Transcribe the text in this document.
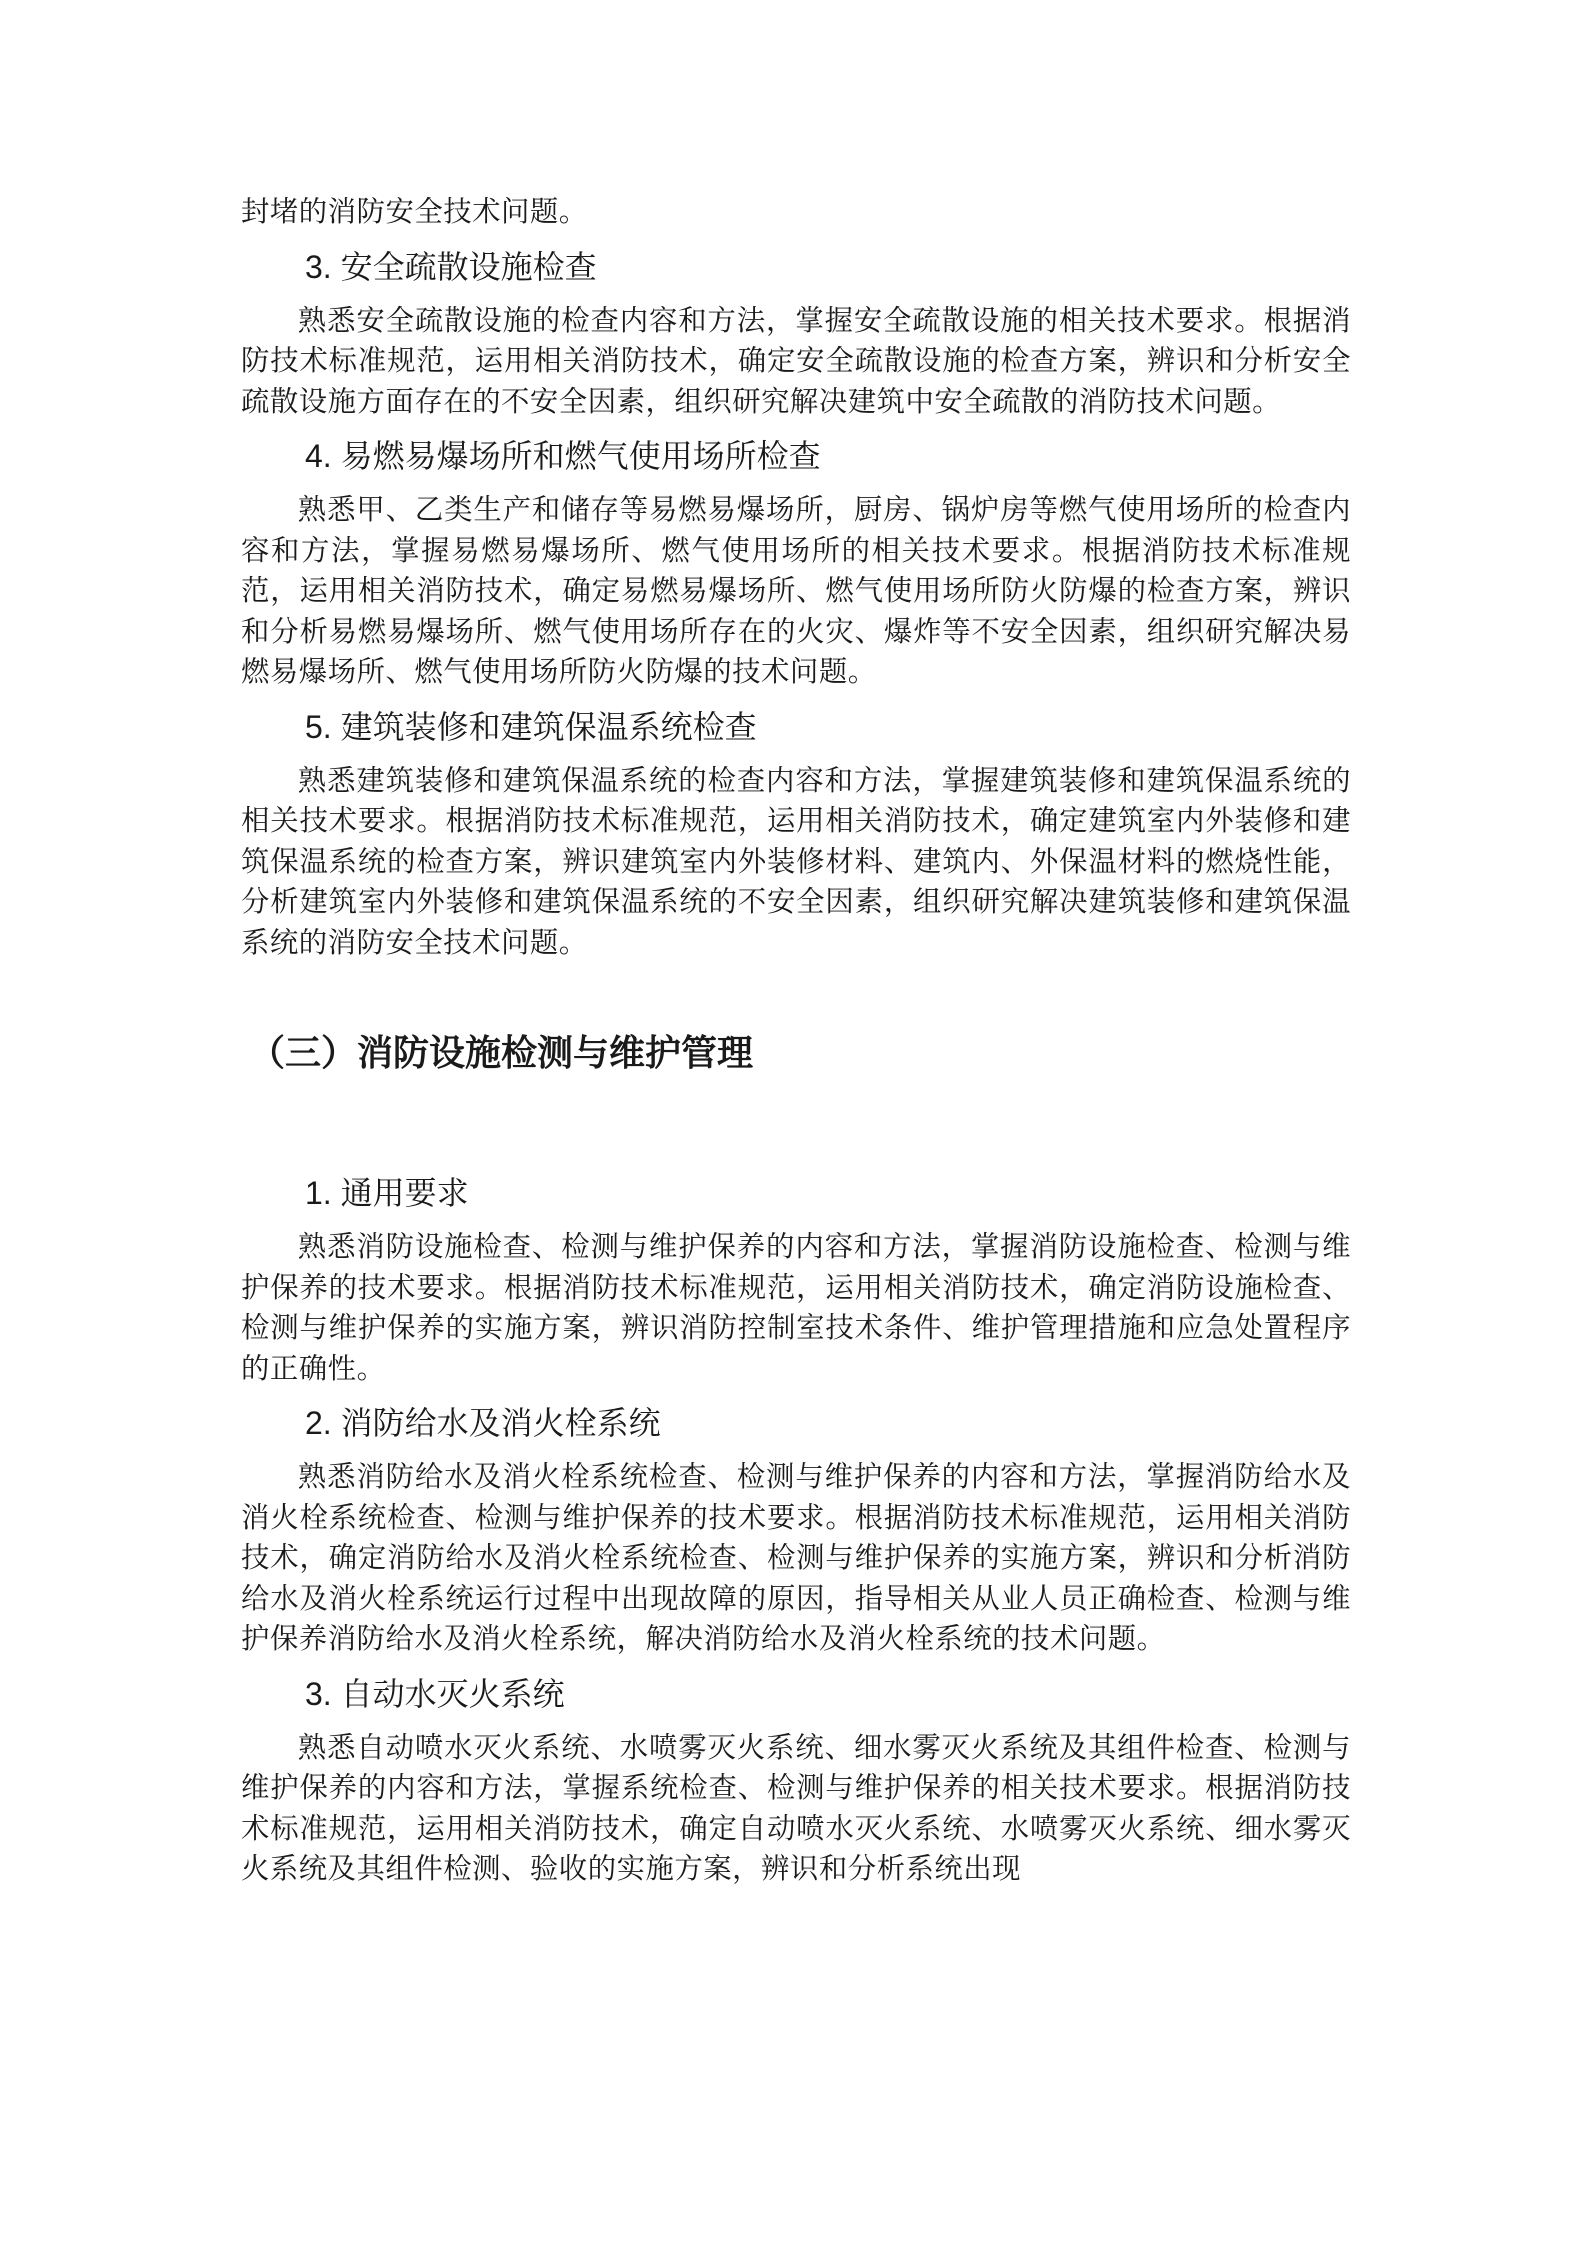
封堵的消防安全技术问题。

3. 安全疏散设施检查

熟悉安全疏散设施的检查内容和方法，掌握安全疏散设施的相关技术要求。根据消防技术标准规范，运用相关消防技术，确定安全疏散设施的检查方案，辨识和分析安全疏散设施方面存在的不安全因素，组织研究解决建筑中安全疏散的消防技术问题。

4. 易燃易爆场所和燃气使用场所检查

熟悉甲、乙类生产和储存等易燃易爆场所，厨房、锅炉房等燃气使用场所的检查内容和方法，掌握易燃易爆场所、燃气使用场所的相关技术要求。根据消防技术标准规范，运用相关消防技术，确定易燃易爆场所、燃气使用场所防火防爆的检查方案，辨识和分析易燃易爆场所、燃气使用场所存在的火灾、爆炸等不安全因素，组织研究解决易燃易爆场所、燃气使用场所防火防爆的技术问题。

5. 建筑装修和建筑保温系统检查

熟悉建筑装修和建筑保温系统的检查内容和方法，掌握建筑装修和建筑保温系统的相关技术要求。根据消防技术标准规范，运用相关消防技术，确定建筑室内外装修和建筑保温系统的检查方案，辨识建筑室内外装修材料、建筑内、外保温材料的燃烧性能，分析建筑室内外装修和建筑保温系统的不安全因素，组织研究解决建筑装修和建筑保温系统的消防安全技术问题。

（三）消防设施检测与维护管理
1. 通用要求

熟悉消防设施检查、检测与维护保养的内容和方法，掌握消防设施检查、检测与维护保养的技术要求。根据消防技术标准规范，运用相关消防技术，确定消防设施检查、检测与维护保养的实施方案，辨识消防控制室技术条件、维护管理措施和应急处置程序的正确性。

2. 消防给水及消火栓系统

熟悉消防给水及消火栓系统检查、检测与维护保养的内容和方法，掌握消防给水及消火栓系统检查、检测与维护保养的技术要求。根据消防技术标准规范，运用相关消防技术，确定消防给水及消火栓系统检查、检测与维护保养的实施方案，辨识和分析消防给水及消火栓系统运行过程中出现故障的原因，指导相关从业人员正确检查、检测与维护保养消防给水及消火栓系统，解决消防给水及消火栓系统的技术问题。

3. 自动水灭火系统

熟悉自动喷水灭火系统、水喷雾灭火系统、细水雾灭火系统及其组件检查、检测与维护保养的内容和方法，掌握系统检查、检测与维护保养的相关技术要求。根据消防技术标准规范，运用相关消防技术，确定自动喷水灭火系统、水喷雾灭火系统、细水雾灭火系统及其组件检测、验收的实施方案，辨识和分析系统出现
